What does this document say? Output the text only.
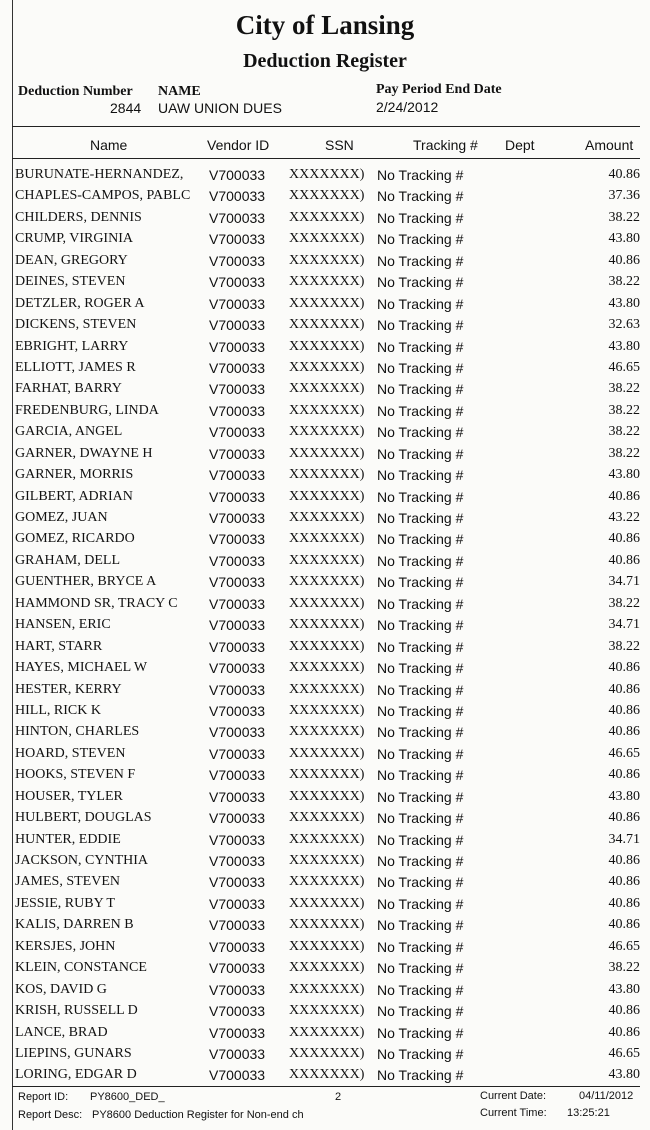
City of Lansing
Deduction Register
Deduction Number
2844
NAME
UAW UNION DUES
Pay Period End Date
2/24/2012
Name	Vendor ID	SSN	Tracking # Dept	Amount
BURUNATE-HERNANDEZ,	V700033	XXXXXXX) No Tracking #	40.86
CHAPLES-CAMPOS, PABLC	V700033	XXXXXXX) No Tracking #	37.36
CHILDERS, DENNIS	V700033	XXXXXXX) No Tracking #	38.22
CRUMP, VIRGINIA	V700033	XXXXXXX) No Tracking #	43.80
DEAN, GREGORY	V700033	XXXXXXX) No Tracking #	40.86
DEINES, STEVEN	V700033	XXXXXXX) No Tracking #	38.22
DETZLER, ROGER A	V700033	XXXXXXX) No Tracking #	43.80
DICKENS, STEVEN	V700033	XXXXXXX) No Tracking #	32.63
EBRIGHT, LARRY	V700033	XXXXXXX) No Tracking #	43.80
ELLIOTT, JAMES R	V700033	XXXXXXX) No Tracking #	46.65
FARHAT, BARRY	V700033	XXXXXXX) No Tracking #	38.22
FREDENBURG, LINDA	V700033	XXXXXXX) No Tracking #	38.22
GARCIA, ANGEL	V700033	XXXXXXX) No Tracking #	38.22
GARNER, DWAYNE H	V700033	XXXXXXX) No Tracking #	38.22
GARNER, MORRIS	V700033	XXXXXXX) No Tracking #	43.80
GILBERT, ADRIAN	V700033	XXXXXXX) No Tracking #	40.86
GOMEZ, JUAN	V700033	XXXXXXX) No Tracking #	43.22
GOMEZ, RICARDO	V700033	XXXXXXX) No Tracking #	40.86
GRAHAM, DELL	V700033	XXXXXXX) No Tracking #	40.86
GUENTHER, BRYCE A	V700033	XXXXXXX) No Tracking #	34.71
HAMMOND SR, TRACY C	V700033	XXXXXXX) No Tracking #	38.22
HANSEN, ERIC	V700033	XXXXXXX) No Tracking #	34.71
HART, STARR	V700033	XXXXXXX) No Tracking #	38.22
HAYES, MICHAEL W	V700033	XXXXXXX) No Tracking #	40.86
HESTER, KERRY	V700033	XXXXXXX) No Tracking #	40.86
HILL, RICK K	V700033	XXXXXXX) No Tracking #	40.86
HINTON, CHARLES	V700033	XXXXXXX) No Tracking #	40.86
HOARD, STEVEN	V700033	XXXXXXX) No Tracking #	46.65
HOOKS, STEVEN F	V700033	XXXXXXX) No Tracking #	40.86
HOUSER, TYLER	V700033	XXXXXXX) No Tracking #	43.80
HULBERT, DOUGLAS	V700033	XXXXXXX) No Tracking #	40.86
HUNTER, EDDIE	V700033	XXXXXXX) No Tracking #	34.71
JACKSON, CYNTHIA	V700033	XXXXXXX) No Tracking #	40.86
JAMES, STEVEN	V700033	XXXXXXX) No Tracking #	40.86
JESSIE, RUBY T	V700033	XXXXXXX) No Tracking #	40.86
KALIS, DARREN B	V700033	XXXXXXX) No Tracking #	40.86
KERSJES, JOHN	V700033	XXXXXXX) No Tracking #	46.65
KLEIN, CONSTANCE	V700033	XXXXXXX) No Tracking #	38.22
KOS, DAVID G	V700033	XXXXXXX) No Tracking #	43.80
KRISH, RUSSELL D	V700033	XXXXXXX) No Tracking #	40.86
LANCE, BRAD	V700033	XXXXXXX) No Tracking #	40.86
LIEPINS, GUNARS	V700033	XXXXXXX) No Tracking #	46.65
LORING, EDGAR D	V700033	XXXXXXX) No Tracking #	43.80
Report ID: PY8600_DED_	2
Report Desc: PY8600 Deduction Register for Non-end ch
Current Date:	04/11/2012
Current Time: 13:25:21
